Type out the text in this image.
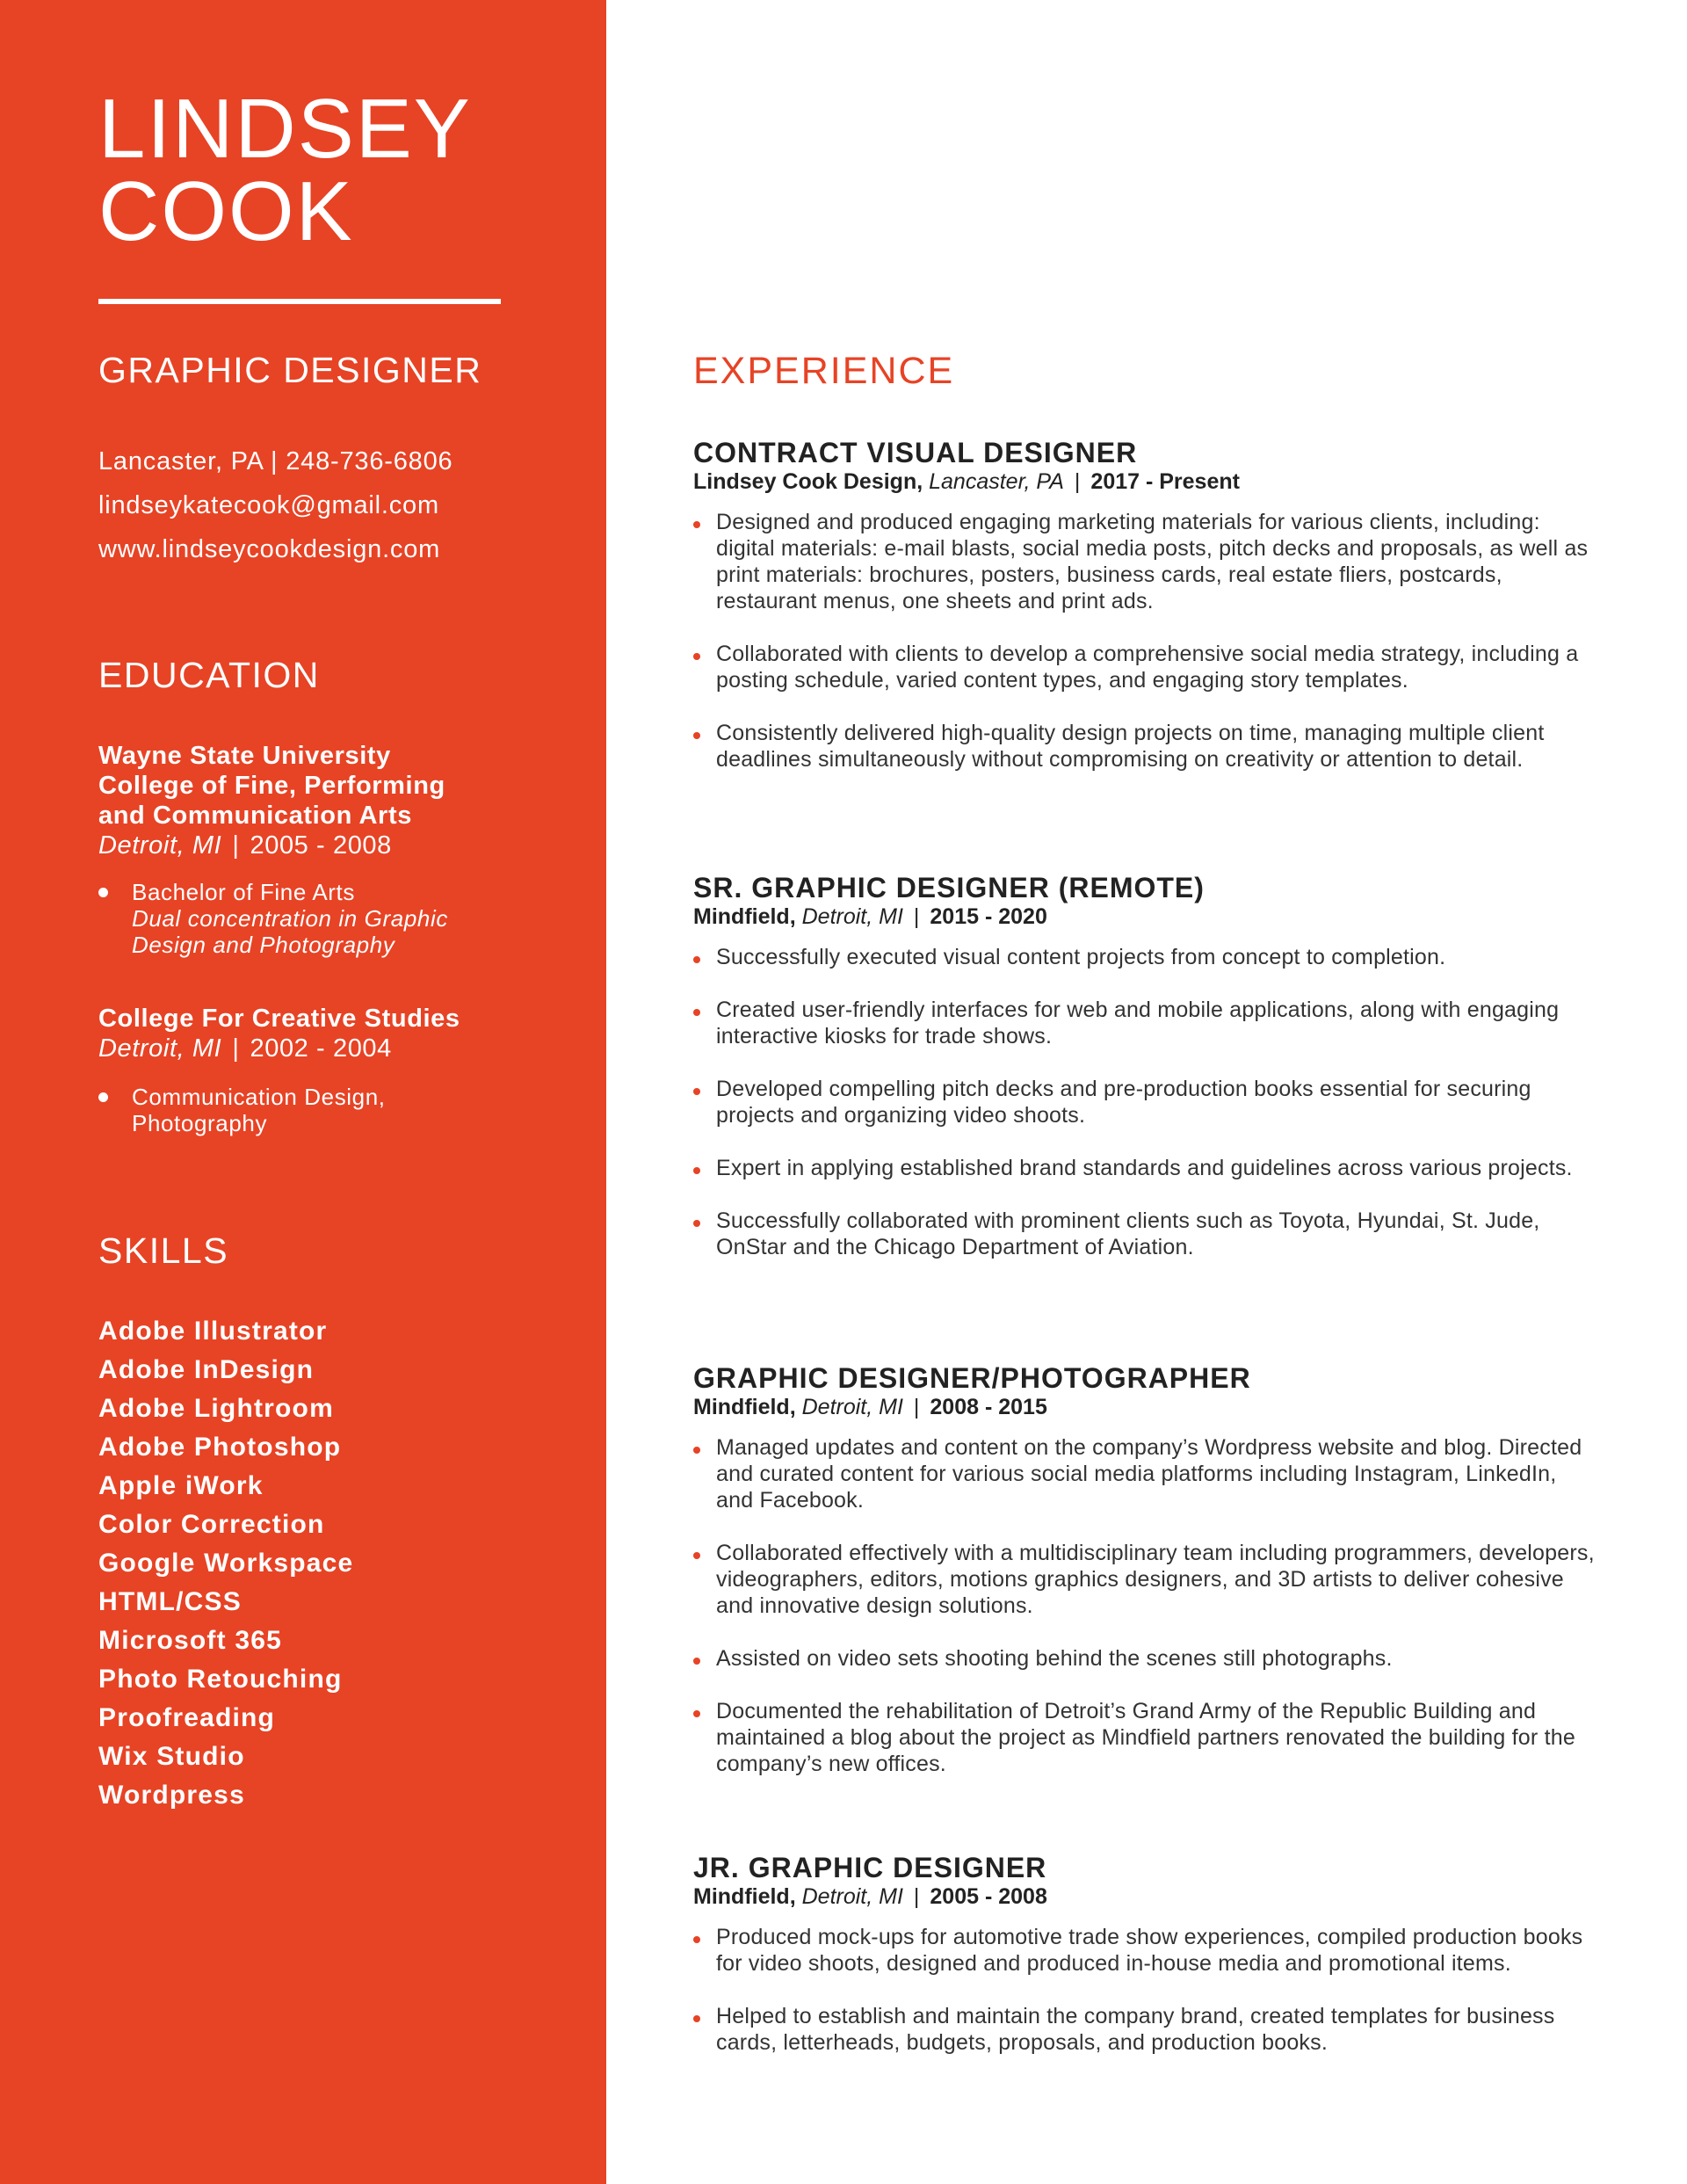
LINDSEY
COOK
GRAPHIC DESIGNER
Lancaster, PA | 248-736-6806
lindseykatecook@gmail.com
www.lindseycookdesign.com
EDUCATION
Wayne State University
College of Fine, Performing
and Communication Arts
Detroit, MI | 2005 - 2008
Bachelor of Fine Arts
Dual concentration in Graphic
Design and Photography
College For Creative Studies
Detroit, MI | 2002 - 2004
Communication Design,
Photography
SKILLS
Adobe Illustrator
Adobe InDesign
Adobe Lightroom
Adobe Photoshop
Apple iWork
Color Correction
Google Workspace
HTML/CSS
Microsoft 365
Photo Retouching
Proofreading
Wix Studio
Wordpress
EXPERIENCE
CONTRACT VISUAL DESIGNER
Lindsey Cook Design, Lancaster, PA | 2017 - Present
Designed and produced engaging marketing materials for various clients, including: digital materials: e-mail blasts, social media posts, pitch decks and proposals, as well as print materials: brochures, posters, business cards, real estate fliers, postcards, restaurant menus, one sheets and print ads.
Collaborated with clients to develop a comprehensive social media strategy, including a posting schedule, varied content types, and engaging story templates.
Consistently delivered high-quality design projects on time, managing multiple client deadlines simultaneously without compromising on creativity or attention to detail.
SR. GRAPHIC DESIGNER (REMOTE)
Mindfield, Detroit, MI | 2015 - 2020
Successfully executed visual content projects from concept to completion.
Created user-friendly interfaces for web and mobile applications, along with engaging interactive kiosks for trade shows.
Developed compelling pitch decks and pre-production books essential for securing projects and organizing video shoots.
Expert in applying established brand standards and guidelines across various projects.
Successfully collaborated with prominent clients such as Toyota, Hyundai, St. Jude, OnStar and the Chicago Department of Aviation.
GRAPHIC DESIGNER/PHOTOGRAPHER
Mindfield, Detroit, MI | 2008 - 2015
Managed updates and content on the company’s Wordpress website and blog. Directed and curated content for various social media platforms including Instagram, LinkedIn, and Facebook.
Collaborated effectively with a multidisciplinary team including programmers, developers, videographers, editors, motions graphics designers, and 3D artists to deliver cohesive and innovative design solutions.
Assisted on video sets shooting behind the scenes still photographs.
Documented the rehabilitation of Detroit’s Grand Army of the Republic Building and maintained a blog about the project as Mindfield partners renovated the building for the company’s new offices.
JR. GRAPHIC DESIGNER
Mindfield, Detroit, MI | 2005 - 2008
Produced mock-ups for automotive trade show experiences, compiled production books for video shoots, designed and produced in-house media and promotional items.
Helped to establish and maintain the company brand, created templates for business cards, letterheads, budgets, proposals, and production books.
